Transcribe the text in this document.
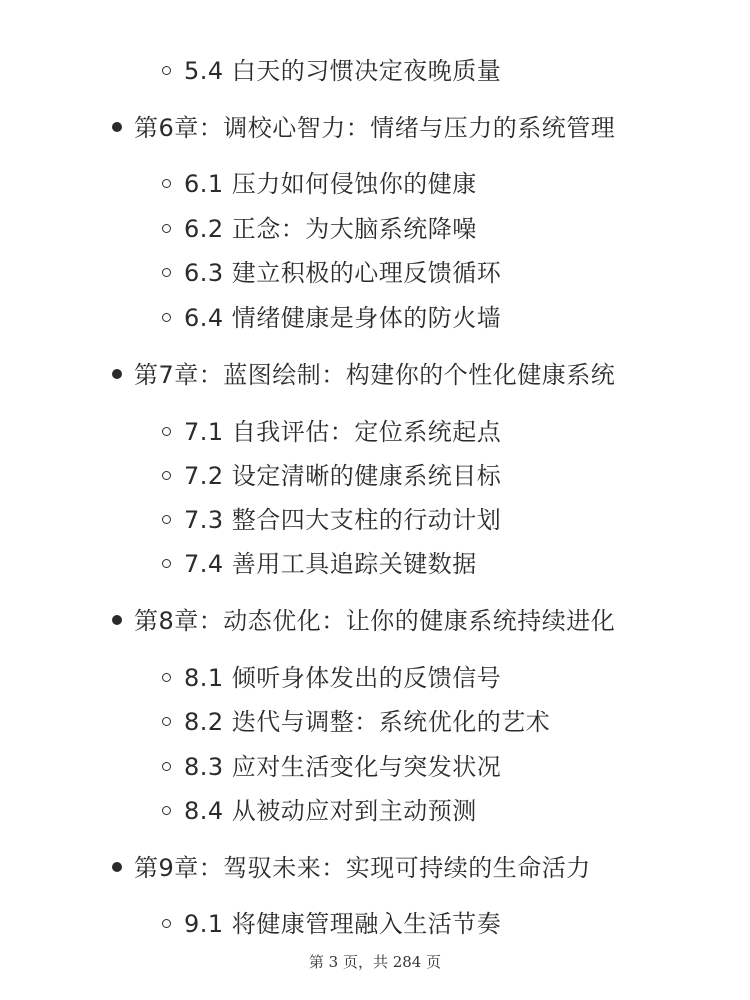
5.4 白天的习惯决定夜晚质量
第6章：调校心智力：情绪与压力的系统管理
6.1 压力如何侵蚀你的健康
6.2 正念：为大脑系统降噪
6.3 建立积极的心理反馈循环
6.4 情绪健康是身体的防火墙
第7章：蓝图绘制：构建你的个性化健康系统
7.1 自我评估：定位系统起点
7.2 设定清晰的健康系统目标
7.3 整合四大支柱的行动计划
7.4 善用工具追踪关键数据
第8章：动态优化：让你的健康系统持续进化
8.1 倾听身体发出的反馈信号
8.2 迭代与调整：系统优化的艺术
8.3 应对生活变化与突发状况
8.4 从被动应对到主动预测
第9章：驾驭未来：实现可持续的生命活力
9.1 将健康管理融入生活节奏
第 3 页，共 284 页
